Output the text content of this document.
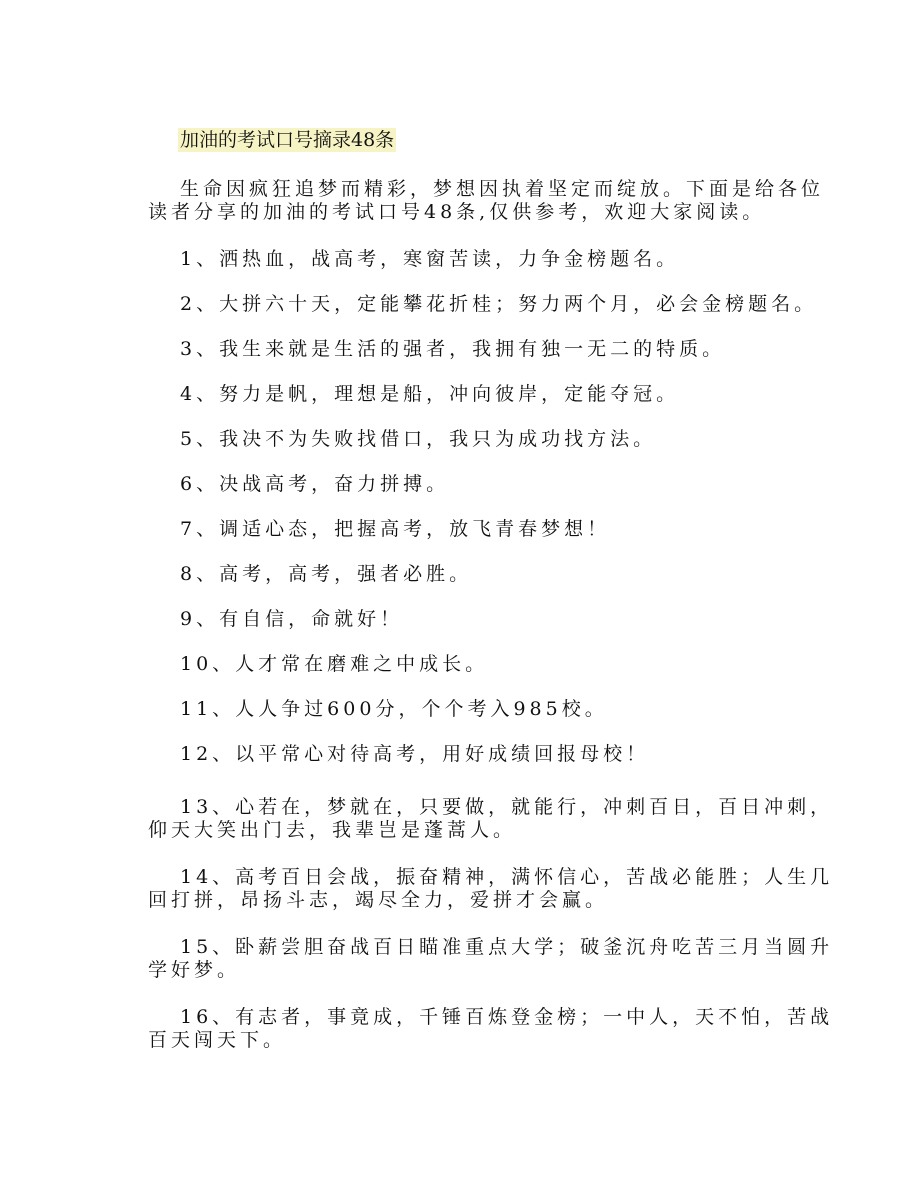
加油的考试口号摘录48条

生命因疯狂追梦而精彩，梦想因执着坚定而绽放。下面是给各位读者分享的加油的考试口号48条,仅供参考，欢迎大家阅读。

1、洒热血，战高考，寒窗苦读，力争金榜题名。

2、大拼六十天，定能攀花折桂；努力两个月，必会金榜题名。

3、我生来就是生活的强者，我拥有独一无二的特质。

4、努力是帆，理想是船，冲向彼岸，定能夺冠。

5、我决不为失败找借口，我只为成功找方法。

6、决战高考，奋力拼搏。

7、调适心态，把握高考，放飞青春梦想！

8、高考，高考，强者必胜。

9、有自信，命就好！

10、人才常在磨难之中成长。

11、人人争过600分，个个考入985校。

12、以平常心对待高考，用好成绩回报母校！

13、心若在，梦就在，只要做，就能行，冲刺百日，百日冲刺，仰天大笑出门去，我辈岂是蓬蒿人。

14、高考百日会战，振奋精神，满怀信心，苦战必能胜；人生几回打拼，昂扬斗志，竭尽全力，爱拼才会赢。

15、卧薪尝胆奋战百日瞄准重点大学；破釜沉舟吃苦三月当圆升学好梦。

16、有志者，事竟成，千锤百炼登金榜；一中人，天不怕，苦战百天闯天下。
